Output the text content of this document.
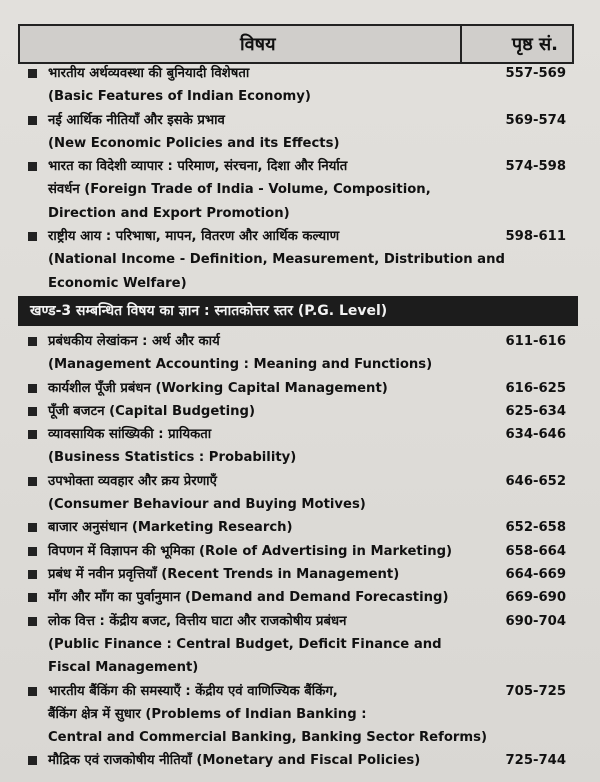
विषय	पृष्ठ सं.
भारतीय अर्थव्यवस्था की बुनियादी विशेषता
(Basic Features of Indian Economy)
557-569
नई आर्थिक नीतियाँ और इसके प्रभाव
(New Economic Policies and its Effects)
569-574
भारत का विदेशी व्यापार : परिमाण, संरचना, दिशा और निर्यात
संवर्धन (Foreign Trade of India - Volume, Composition,
Direction and Export Promotion)
574-598
राष्ट्रीय आय : परिभाषा, मापन, वितरण और आर्थिक कल्याण
(National Income - Definition, Measurement, Distribution and
Economic Welfare)
598-611
खण्ड-3 सम्बन्धित विषय का ज्ञान : स्नातकोत्तर स्तर (P.G. Level)
प्रबंधकीय लेखांकन : अर्थ और कार्य
(Management Accounting : Meaning and Functions)
611-616
कार्यशील पूँजी प्रबंधन (Working Capital Management)	616-625
पूँजी बजटन (Capital Budgeting)	625-634
व्यावसायिक सांख्यिकी : प्रायिकता
(Business Statistics : Probability)
634-646
उपभोक्ता व्यवहार और क्रय प्रेरणाएँ
(Consumer Behaviour and Buying Motives)
646-652
बाजार अनुसंधान (Marketing Research)	652-658
विपणन में विज्ञापन की भूमिका (Role of Advertising in Marketing)	658-664
प्रबंध में नवीन प्रवृत्तियाँ (Recent Trends in Management)	664-669
माँग और माँग का पुर्वानुमान (Demand and Demand Forecasting)	669-690
लोक वित्त : केंद्रीय बजट, वित्तीय घाटा और राजकोषीय प्रबंधन
(Public Finance : Central Budget, Deficit Finance and
Fiscal Management)
690-704
भारतीय बैंकिंग की समस्याएँ : केंद्रीय एवं वाणिज्यिक बैंकिंग,
बैंकिंग क्षेत्र में सुधार (Problems of Indian Banking :
Central and Commercial Banking, Banking Sector Reforms)
705-725
मौद्रिक एवं राजकोषीय नीतियाँ (Monetary and Fiscal Policies)	725-744
